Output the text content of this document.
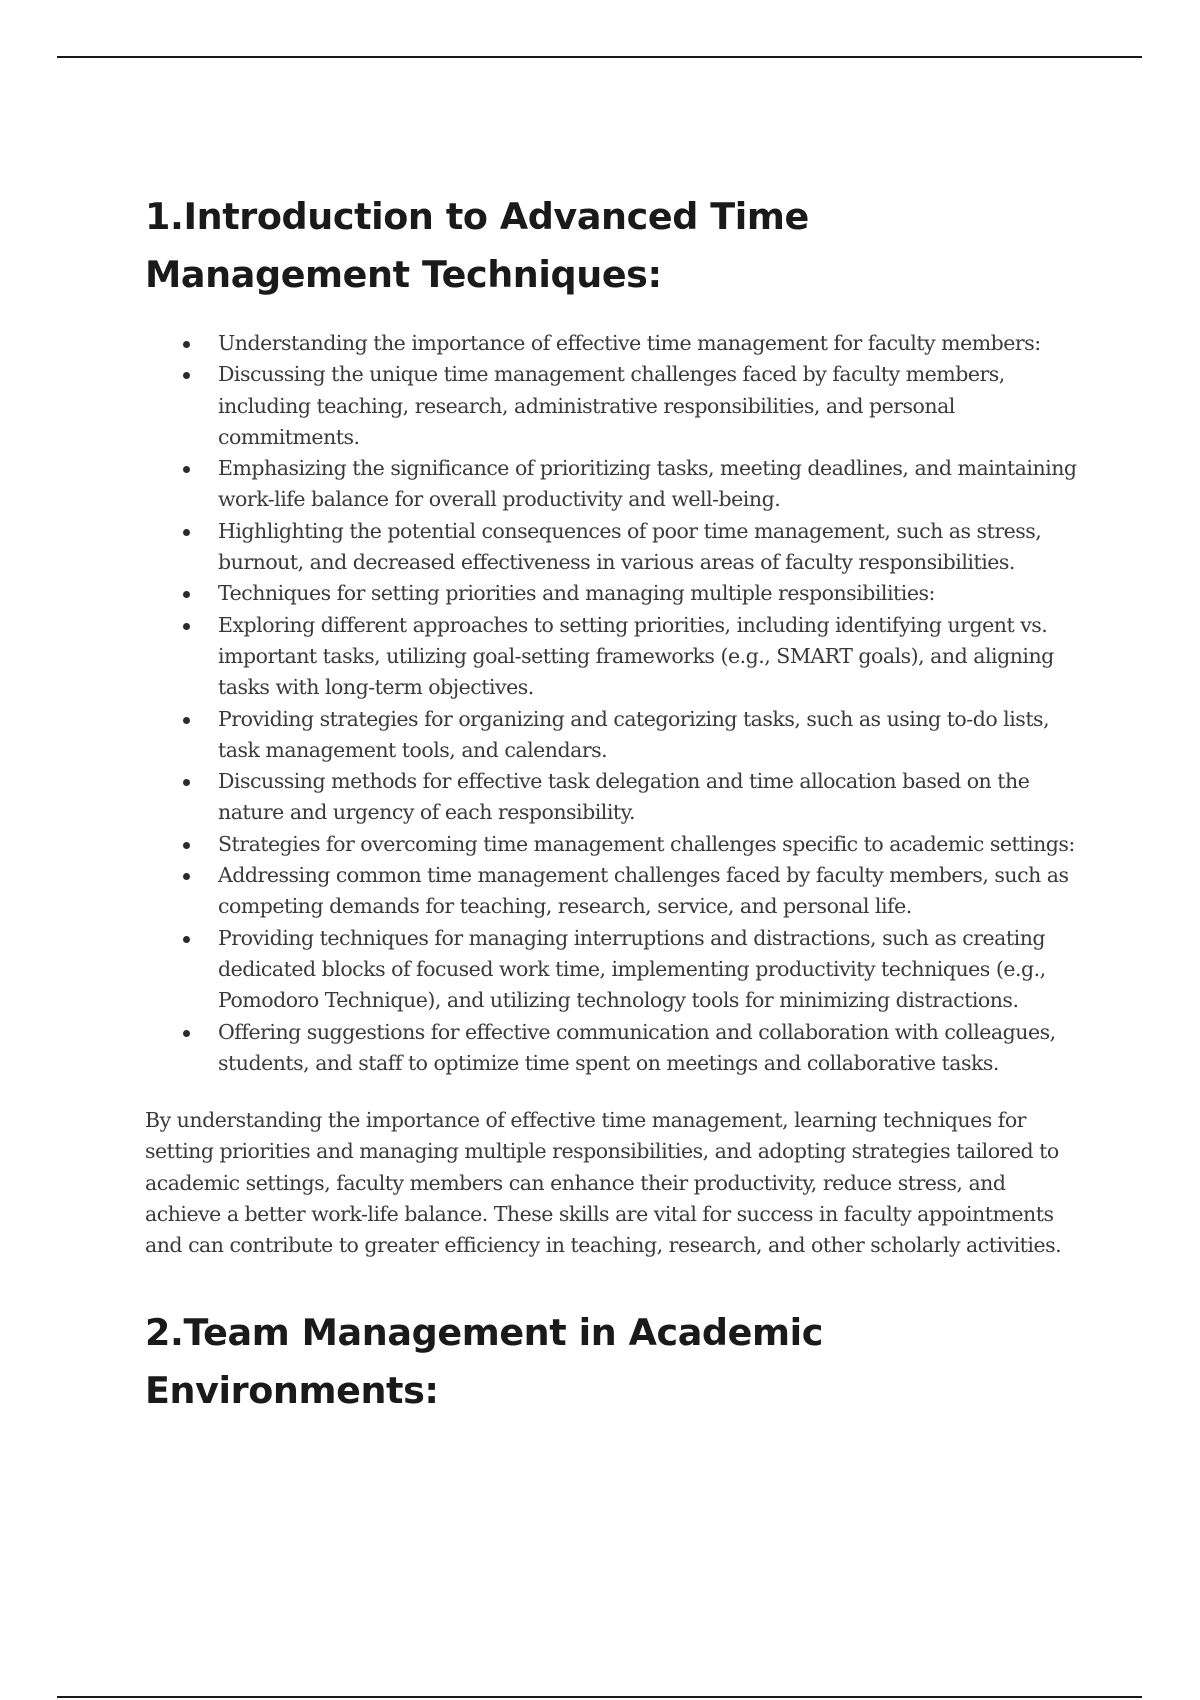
1.Introduction to Advanced Time Management Techniques:
Understanding the importance of effective time management for faculty members:
Discussing the unique time management challenges faced by faculty members, including teaching, research, administrative responsibilities, and personal commitments.
Emphasizing the significance of prioritizing tasks, meeting deadlines, and maintaining work-life balance for overall productivity and well-being.
Highlighting the potential consequences of poor time management, such as stress, burnout, and decreased effectiveness in various areas of faculty responsibilities.
Techniques for setting priorities and managing multiple responsibilities:
Exploring different approaches to setting priorities, including identifying urgent vs. important tasks, utilizing goal-setting frameworks (e.g., SMART goals), and aligning tasks with long-term objectives.
Providing strategies for organizing and categorizing tasks, such as using to-do lists, task management tools, and calendars.
Discussing methods for effective task delegation and time allocation based on the nature and urgency of each responsibility.
Strategies for overcoming time management challenges specific to academic settings:
Addressing common time management challenges faced by faculty members, such as competing demands for teaching, research, service, and personal life.
Providing techniques for managing interruptions and distractions, such as creating dedicated blocks of focused work time, implementing productivity techniques (e.g., Pomodoro Technique), and utilizing technology tools for minimizing distractions.
Offering suggestions for effective communication and collaboration with colleagues, students, and staff to optimize time spent on meetings and collaborative tasks.

By understanding the importance of effective time management, learning techniques for setting priorities and managing multiple responsibilities, and adopting strategies tailored to academic settings, faculty members can enhance their productivity, reduce stress, and achieve a better work-life balance. These skills are vital for success in faculty appointments and can contribute to greater efficiency in teaching, research, and other scholarly activities.

2.Team Management in Academic Environments:
